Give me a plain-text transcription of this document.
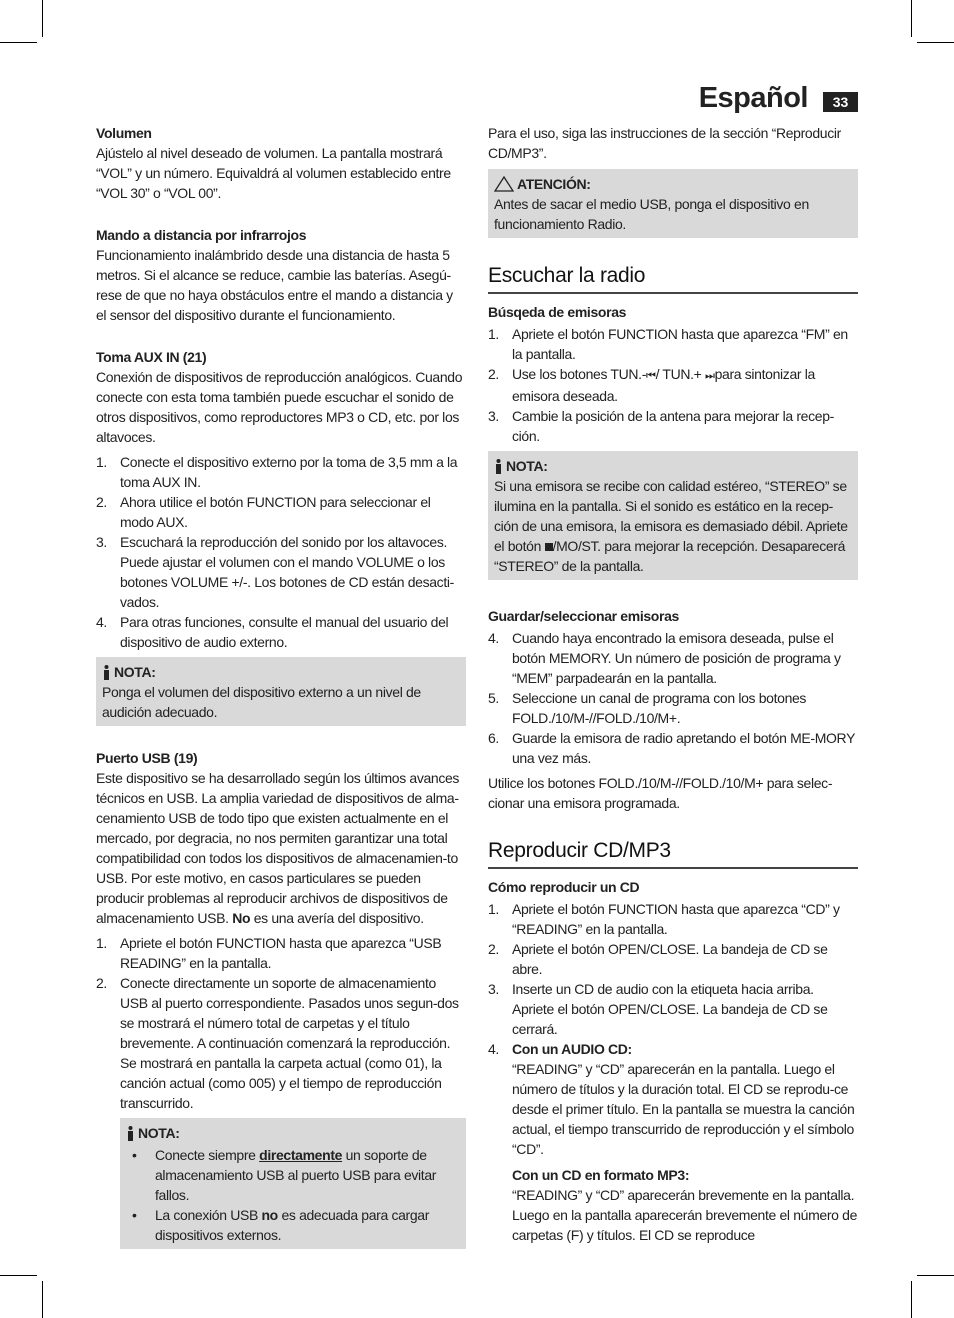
Español	33
Volumen

Ajústelo al nivel deseado de volumen. La pantalla mostrará “VOL” y un número. Equivaldrá al volumen establecido entre “VOL 30” o “VOL 00”.

Mando a distancia por infrarrojos

Funcionamiento inalámbrido desde una distancia de hasta 5 metros. Si el alcance se reduce, cambie las baterías. Asegú-rese de que no haya obstáculos entre el mando a distancia y el sensor del dispositivo durante el funcionamiento.

Toma AUX IN (21)

Conexión de dispositivos de reproducción analógicos. Cuando conecte con esta toma también puede escuchar el sonido de otros dispositivos, como reproductores MP3 o CD, etc. por los altavoces.

1. Conecte el dispositivo externo por la toma de 3,5 mm a la toma AUX IN.
2. Ahora utilice el botón FUNCTION para seleccionar el modo AUX.
3. Escuchará la reproducción del sonido por los altavoces. Puede ajustar el volumen con el mando VOLUME o los botones VOLUME +/-. Los botones de CD están desacti-vados.
4. Para otras funciones, consulte el manual del usuario del dispositivo de audio externo.
NOTA:

Ponga el volumen del dispositivo externo a un nivel de audición adecuado.

Puerto USB (19)

Este dispositivo se ha desarrollado según los últimos avances técnicos en USB. La amplia variedad de dispositivos de alma-cenamiento USB de todo tipo que existen actualmente en el mercado, por degracia, no nos permiten garantizar una total compatibilidad con todos los dispositivos de almacenamien-to USB. Por este motivo, en casos particulares se pueden producir problemas al reproducir archivos de dispositivos de almacenamiento USB. No es una avería del dispositivo.

1. Apriete el botón FUNCTION hasta que aparezca “USB READING” en la pantalla.
2. Conecte directamente un soporte de almacenamiento USB al puerto correspondiente. Pasados unos segun-dos se mostrará el número total de carpetas y el título brevemente. A continuación comenzará la reproducción. Se mostrará en pantalla la carpeta actual (como 01), la canción actual (como 005) y el tiempo de reproducción transcurrido.
NOTA:
• Conecte siempre directamente un soporte de almacenamiento USB al puerto USB para evitar fallos.
• La conexión USB no es adecuada para cargar dispositivos externos.

Para el uso, siga las instrucciones de la sección “Reproducir CD/MP3”.

ATENCIÓN:

Antes de sacar el medio USB, ponga el dispositivo en funcionamiento Radio.

Escuchar la radio
Búsqeda de emisoras
1. Apriete el botón FUNCTION hasta que aparezca “FM” en la pantalla.
2. Use los botones TUN.-⏮/ TUN.+ ⏭para sintonizar la emisora deseada.
3. Cambie la posición de la antena para mejorar la recep-ción.
NOTA:

Si una emisora se recibe con calidad estéreo, “STEREO” se ilumina en la pantalla. Si el sonido es estático en la recep-ción de una emisora, la emisora es demasiado débil. Apriete el botón /MO/ST. para mejorar la recepción. Desaparecerá “STEREO” de la pantalla.

Guardar/seleccionar emisoras
4. Cuando haya encontrado la emisora deseada, pulse el botón MEMORY. Un número de posición de programa y “MEM” parpadearán en la pantalla.
5. Seleccione un canal de programa con los botones FOLD./10/M-//FOLD./10/M+.
6. Guarde la emisora de radio apretando el botón ME-MORY una vez más.

Utilice los botones FOLD./10/M-//FOLD./10/M+ para selec-cionar una emisora programada.

Reproducir CD/MP3
Cómo reproducir un CD
1. Apriete el botón FUNCTION hasta que aparezca “CD” y “READING” en la pantalla.
2. Apriete el botón OPEN/CLOSE. La bandeja de CD se abre.
3. Inserte un CD de audio con la etiqueta hacia arriba. Apriete el botón OPEN/CLOSE. La bandeja de CD se cerrará.
4. Con un AUDIO CD:
“READING” y “CD” aparecerán en la pantalla. Luego el número de títulos y la duración total. El CD se reprodu-ce desde el primer título. En la pantalla se muestra la canción actual, el tiempo transcurrido de reproducción y el símbolo “CD”.
Con un CD en formato MP3:
“READING” y “CD” aparecerán brevemente en la pantalla. Luego en la pantalla aparecerán brevemente el número de carpetas (F) y títulos. El CD se reproduce
